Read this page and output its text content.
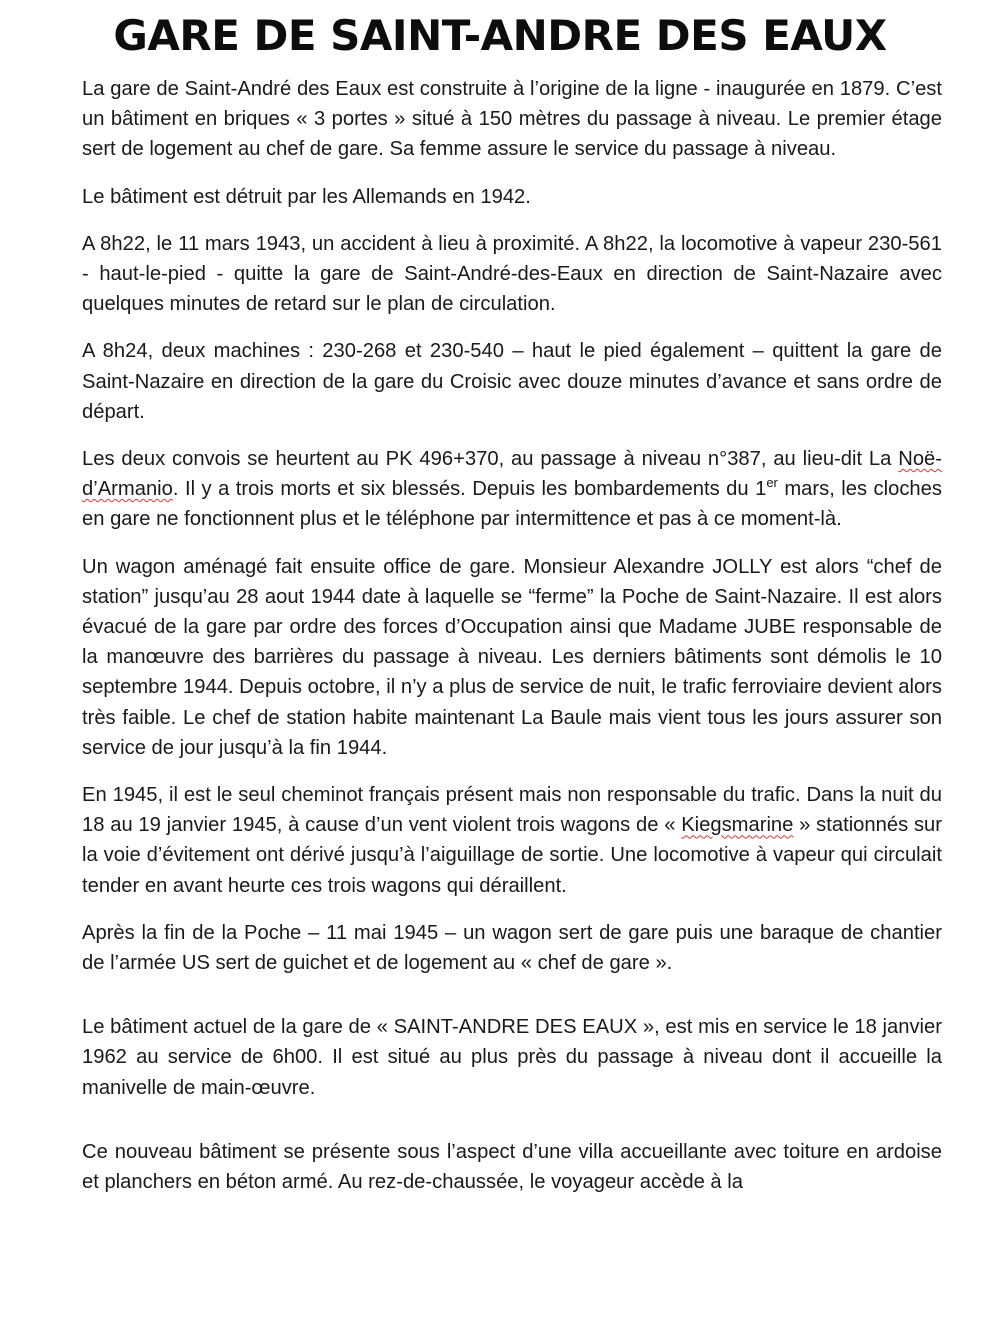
GARE DE SAINT-ANDRE DES EAUX

La gare de Saint-André des Eaux est construite à l’origine de la ligne - inaugurée en 1879. C’est un bâtiment en briques « 3 portes » situé à 150 mètres du passage à niveau. Le premier étage sert de logement au chef de gare. Sa femme assure le service du passage à niveau.

Le bâtiment est détruit par les Allemands en 1942.

A 8h22, le 11 mars 1943, un accident à lieu à proximité. A 8h22, la locomotive à vapeur 230-561 - haut-le-pied - quitte la gare de Saint-André-des-Eaux en direction de Saint-Nazaire avec quelques minutes de retard sur le plan de circulation.

A 8h24, deux machines : 230-268 et 230-540 – haut le pied également – quittent la gare de Saint-Nazaire en direction de la gare du Croisic avec douze minutes d’avance et sans ordre de départ.

Les deux convois se heurtent au PK 496+370, au passage à niveau n°387, au lieu-dit La Noë-d’Armanio. Il y a trois morts et six blessés. Depuis les bombardements du 1er mars, les cloches en gare ne fonctionnent plus et le téléphone par intermittence et pas à ce moment-là.

Un wagon aménagé fait ensuite office de gare. Monsieur Alexandre JOLLY est alors “chef de station” jusqu’au 28 aout 1944 date à laquelle se “ferme” la Poche de Saint-Nazaire. Il est alors évacué de la gare par ordre des forces d’Occupation ainsi que Madame JUBE responsable de la manœuvre des barrières du passage à niveau. Les derniers bâtiments sont démolis le 10 septembre 1944. Depuis octobre, il n’y a plus de service de nuit, le trafic ferroviaire devient alors très faible. Le chef de station habite maintenant La Baule mais vient tous les jours assurer son service de jour jusqu’à la fin 1944.

En 1945, il est le seul cheminot français présent mais non responsable du trafic. Dans la nuit du 18 au 19 janvier 1945, à cause d’un vent violent trois wagons de « Kiegsmarine » stationnés sur la voie d’évitement ont dérivé jusqu’à l’aiguillage de sortie. Une locomotive à vapeur qui circulait tender en avant heurte ces trois wagons qui déraillent.

Après la fin de la Poche – 11 mai 1945 – un wagon sert de gare puis une baraque de chantier de l’armée US sert de guichet et de logement au « chef de gare ».

Le bâtiment actuel de la gare de « SAINT-ANDRE DES EAUX », est mis en service le 18 janvier 1962 au service de 6h00. Il est situé au plus près du passage à niveau dont il accueille la manivelle de main-œuvre.

Ce nouveau bâtiment se présente sous l’aspect d’une villa accueillante avec toiture en ardoise et planchers en béton armé. Au rez-de-chaussée, le voyageur accède à la
